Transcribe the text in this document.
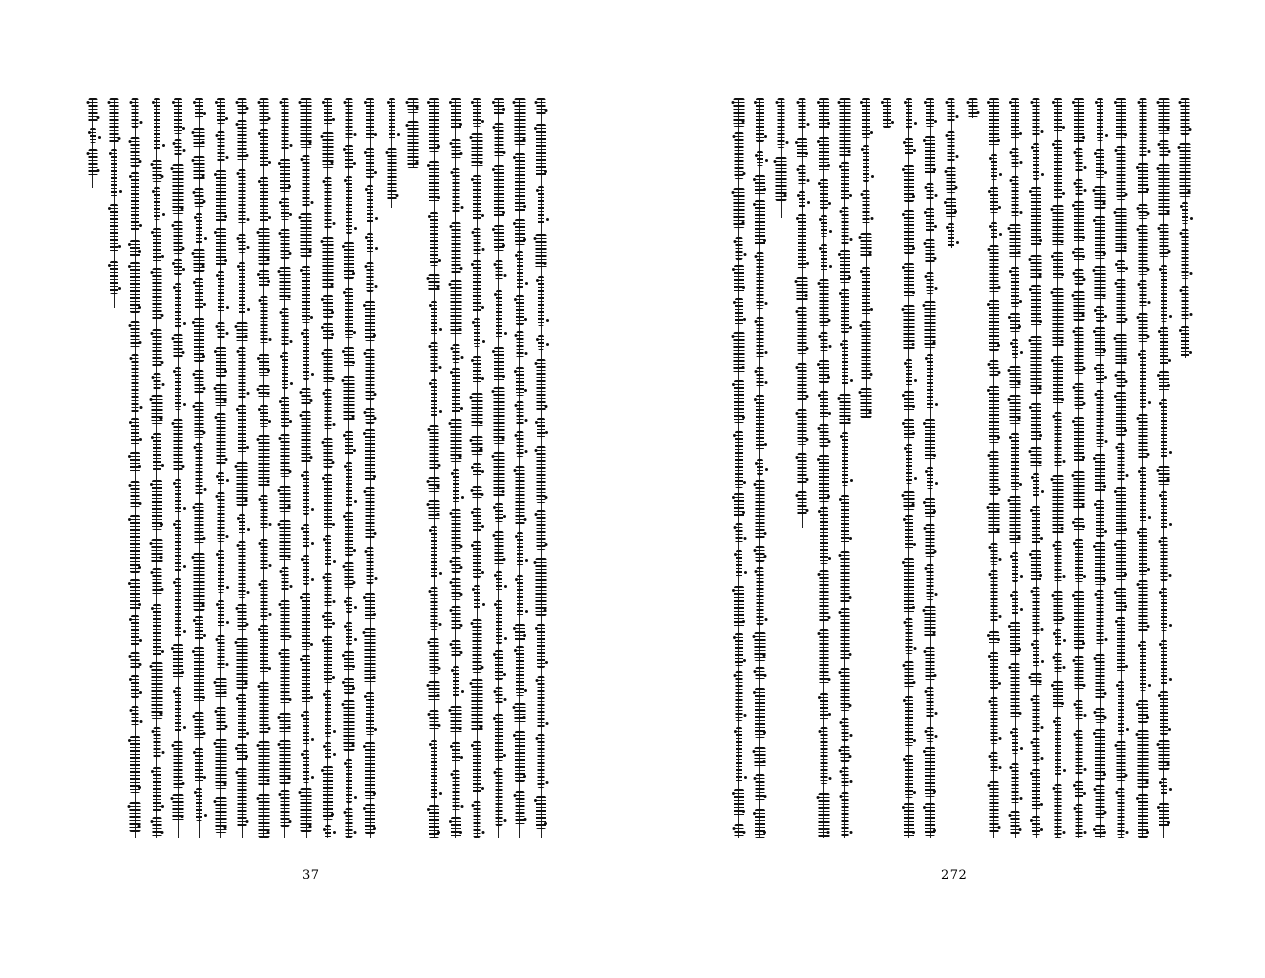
37	272
